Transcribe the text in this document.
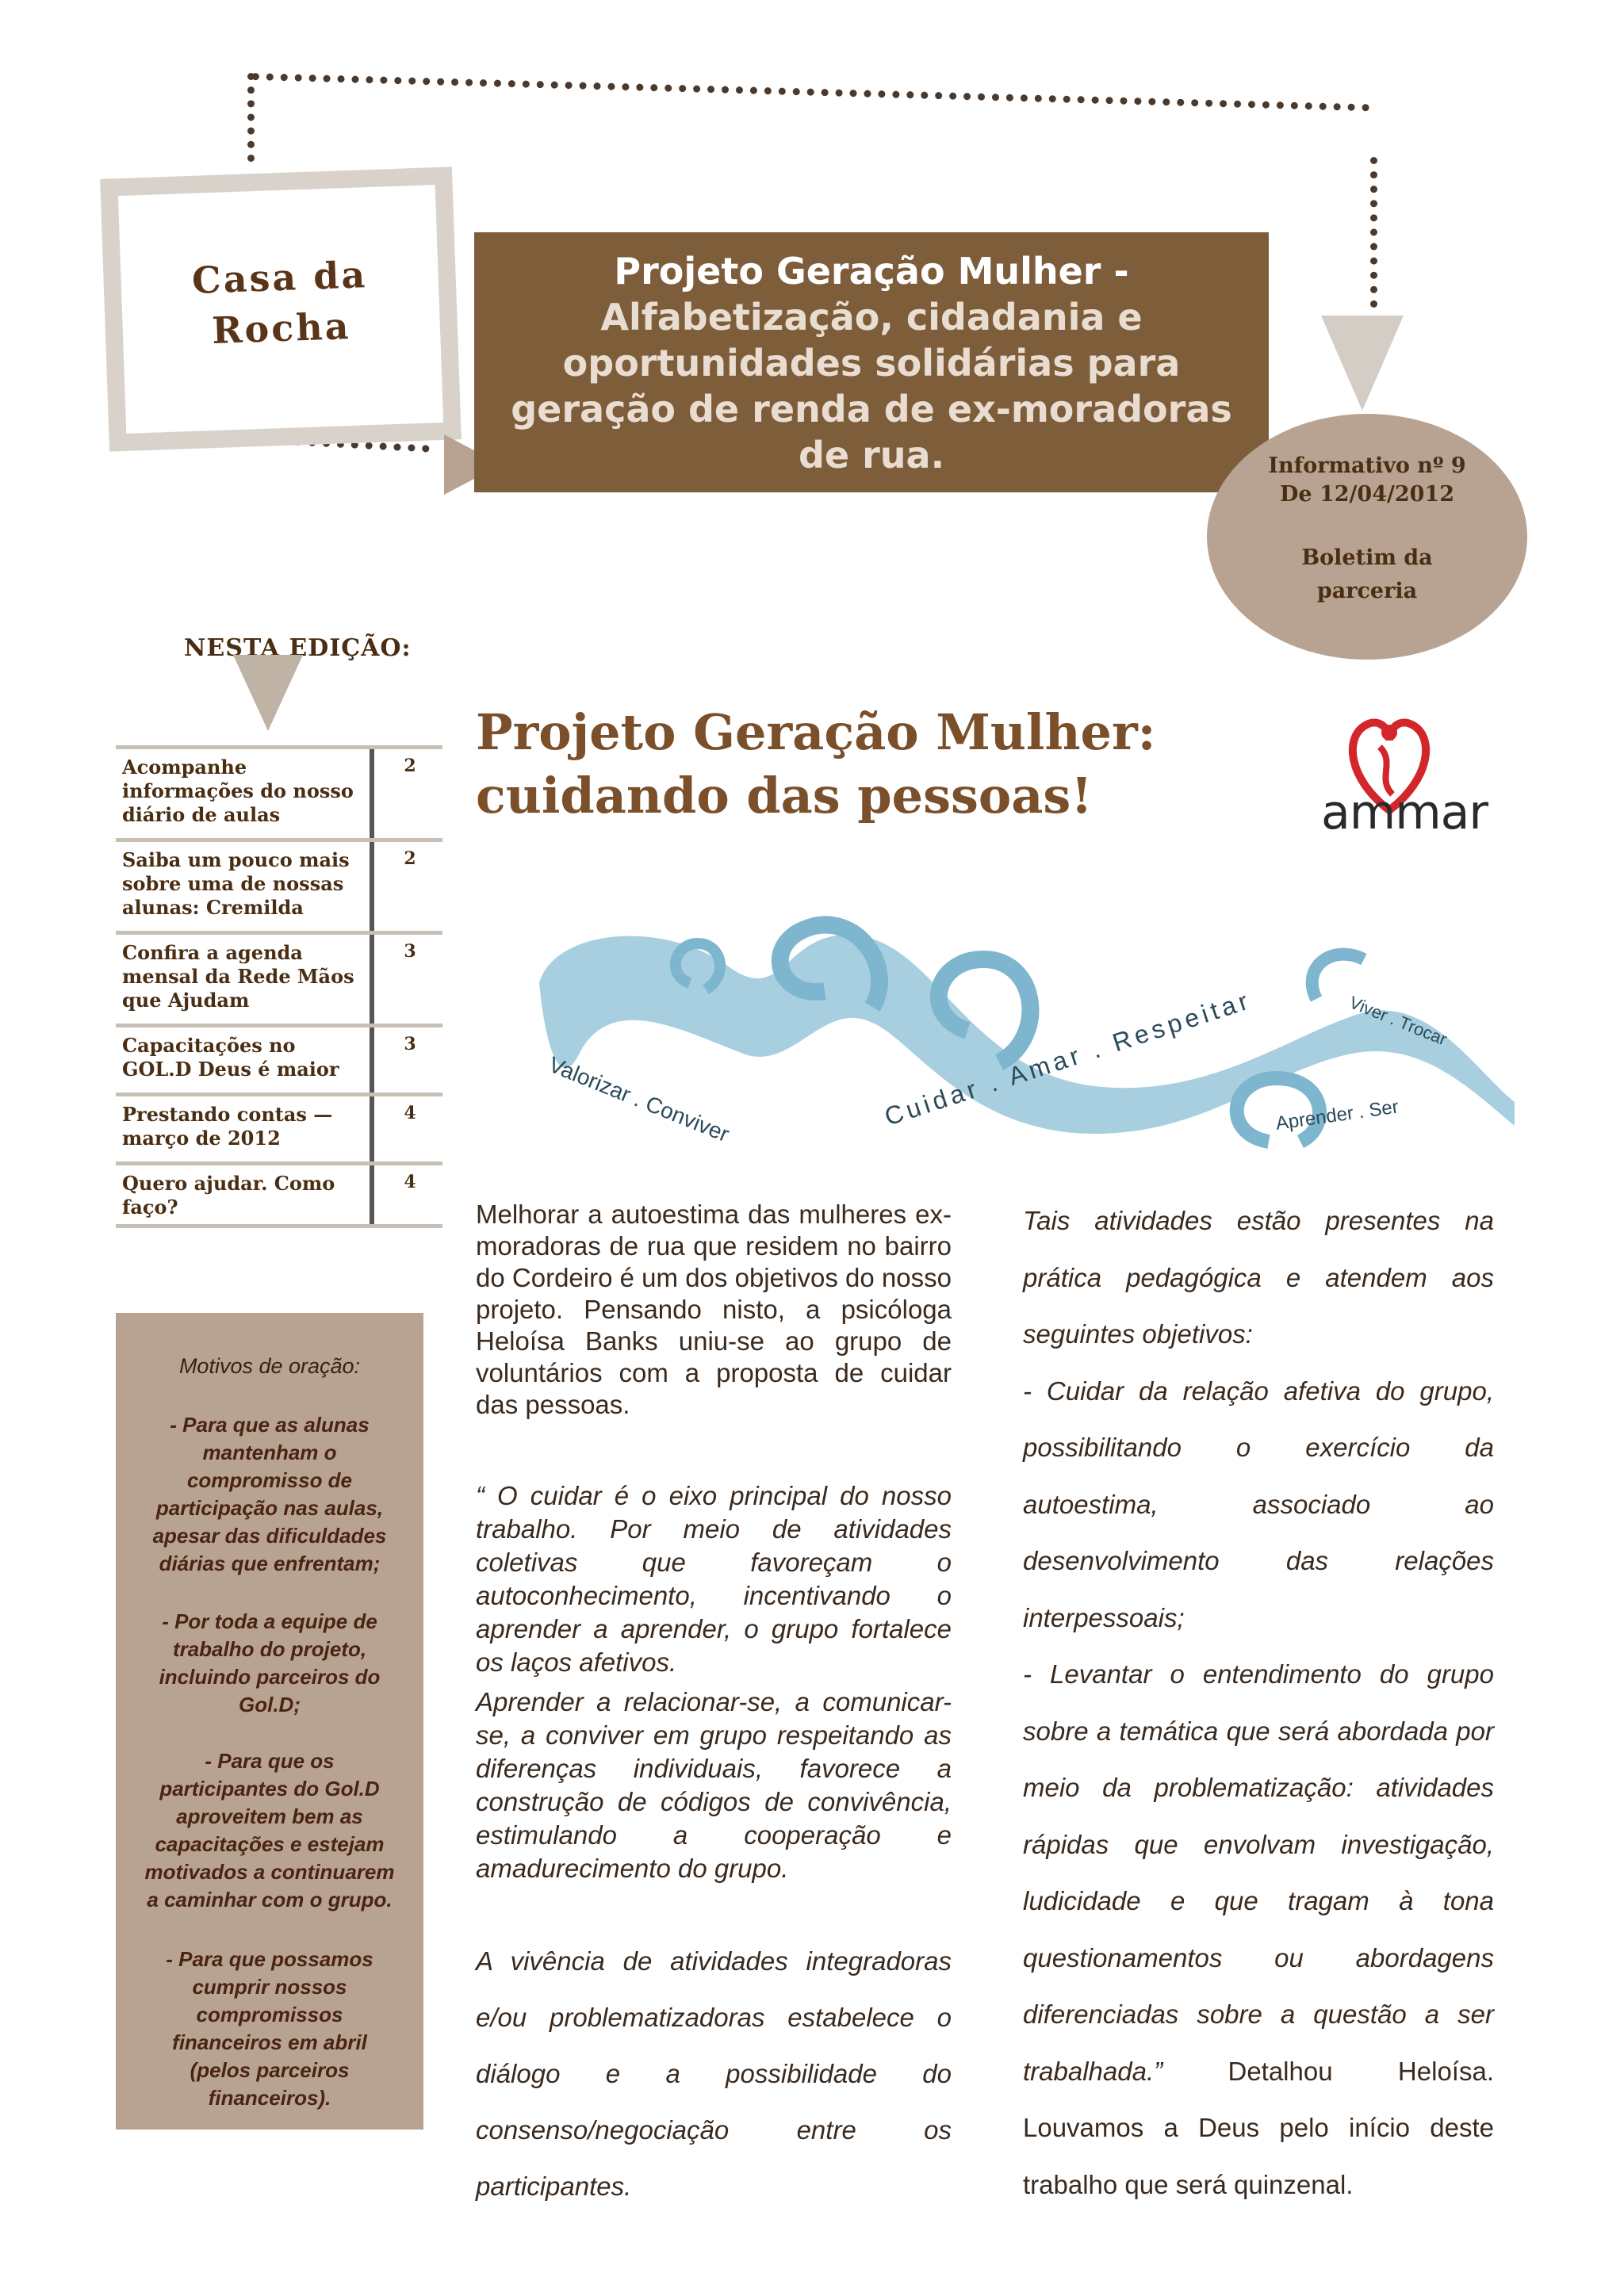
Casa da
Rocha
Projeto Geração Mulher -
Alfabetização, cidadania e oportunidades solidárias para geração de renda de ex-moradoras de rua.	Informativo nº 9
De 12/04/2012
Boletim da
parceria
NESTA EDIÇÃO:
Acompanhe informações do nosso diário de aulas
2
Saiba um pouco mais sobre uma de nossas alunas: Cremilda
2
Confira a agenda mensal da Rede Mãos que Ajudam
3
Capacitações no GOL.D Deus é maior
3
Prestando contas — março de 2012
4
Quero ajudar. Como faço?
4
Motivos de oração:
- Para que as alunas mantenham o compromisso de participação nas aulas, apesar das dificuldades diárias que enfrentam;
- Por toda a equipe de trabalho do projeto, incluindo parceiros do Gol.D;
- Para que os participantes do Gol.D aproveitem bem as capacitações e estejam motivados a continuarem a caminhar com o grupo.
- Para que possamos cumprir nossos compromissos financeiros em abril (pelos parceiros financeiros).
Projeto Geração Mulher:
cuidando das pessoas!	ammar
Valorizar . Conviver	Cuidar . Amar . Respeitar	Viver . Trocar
Aprender . Ser

Melhorar a autoestima das mulheres ex-moradoras de rua que residem no bairro do Cordeiro é um dos objetivos do nosso projeto. Pensando nisto, a psicóloga Heloísa Banks uniu-se ao grupo de voluntários com a proposta de cuidar das pessoas.

“ O cuidar é o eixo principal do nosso trabalho. Por meio de atividades coletivas que favoreçam o autoconhecimento, incentivando o aprender a aprender, o grupo fortalece os laços afetivos.

Aprender a relacionar-se, a comunicar-se, a conviver em grupo respeitando as diferenças individuais, favorece a construção de códigos de convivência, estimulando a cooperação e amadurecimento do grupo.

A vivência de atividades integradoras e/ou problematizadoras estabelece o diálogo e a possibilidade do consenso/negociação entre os participantes.

Tais atividades estão presentes na prática pedagógica e atendem aos seguintes objetivos:

- Cuidar da relação afetiva do grupo, possibilitando o exercício da autoestima, associado ao desenvolvimento das relações interpessoais;

- Levantar o entendimento do grupo sobre a temática que será abordada por meio da problematização: atividades rápidas que envolvam investigação, ludicidade e que tragam à tona questionamentos ou abordagens diferenciadas sobre a questão a ser trabalhada.” Detalhou Heloísa. Louvamos a Deus pelo início deste trabalho que será quinzenal.
